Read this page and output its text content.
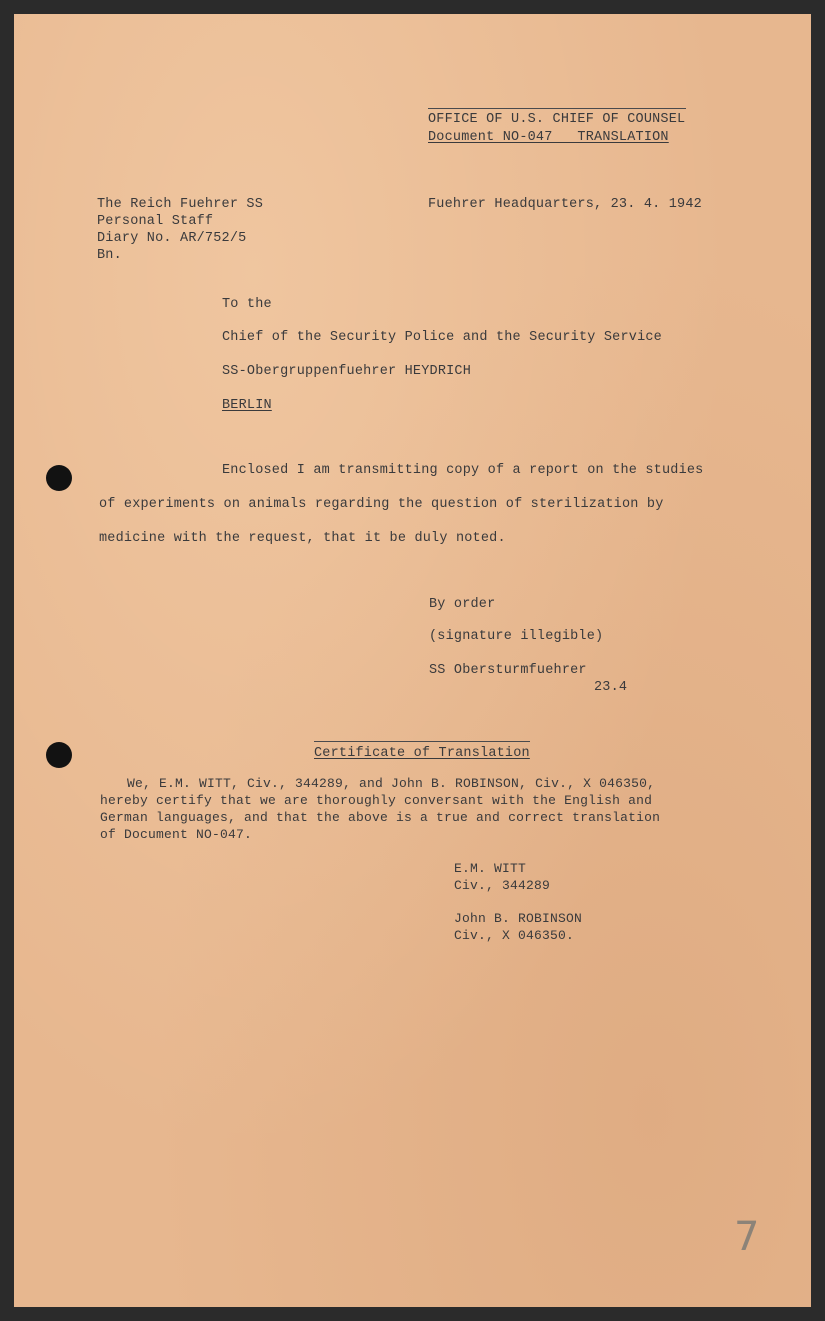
OFFICE OF U.S. CHIEF OF COUNSEL
Document NO-047   TRANSLATION
The Reich Fuehrer SS
Personal Staff
Diary No. AR/752/5
Bn.
Fuehrer Headquarters, 23. 4. 1942
To the
Chief of the Security Police and the Security Service
SS-Obergruppenfuehrer HEYDRICH
BERLIN
Enclosed I am transmitting copy of a report on the studies
of experiments on animals regarding the question of sterilization by
medicine with the request, that it be duly noted.
By order
(signature illegible)
SS Obersturmfuehrer
23.4
Certificate of Translation
We, E.M. WITT, Civ., 344289, and John B. ROBINSON, Civ., X 046350,
hereby certify that we are thoroughly conversant with the English and
German languages, and that the above is a true and correct translation
of Document NO-047.
E.M. WITT
Civ., 344289
John B. ROBINSON
Civ., X 046350.
7
